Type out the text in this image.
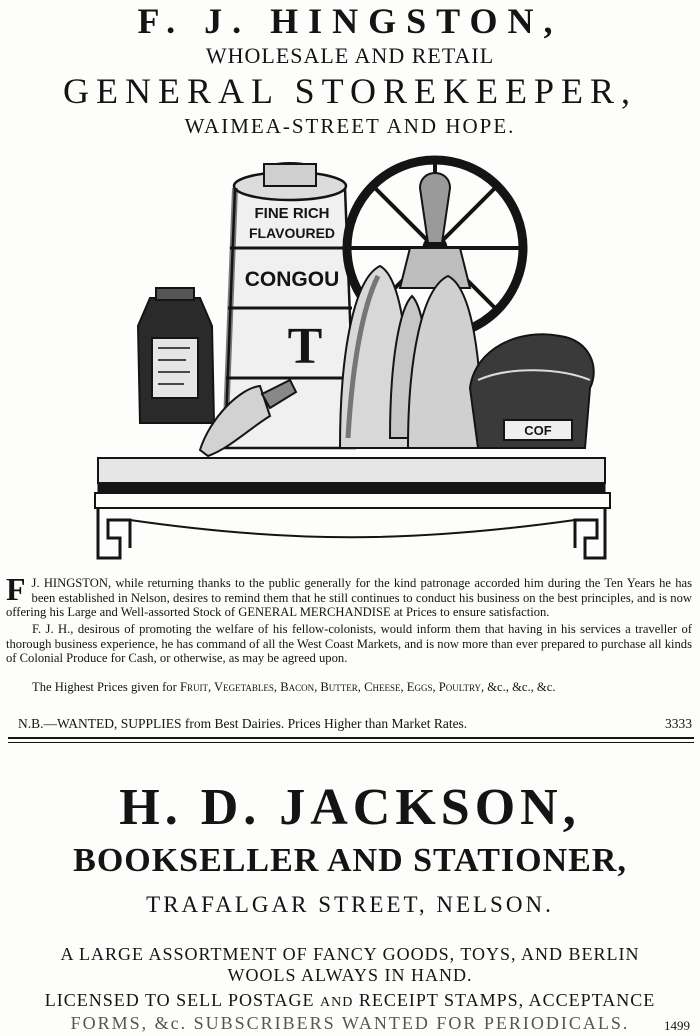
F. J. HINGSTON,
WHOLESALE AND RETAIL
GENERAL STOREKEEPER,
WAIMEA-STREET AND HOPE.
FINE RICH
FLAVOURED
CONGOU
T
COF
F J. HINGSTON, while returning thanks to the public generally for the kind patronage accorded him during the Ten Years he has been established in Nelson, desires to remind them that he still continues to conduct his business on the best principles, and is now offering his Large and Well-assorted Stock of GENERAL MERCHANDISE at Prices to ensure satisfaction.
F. J. H., desirous of promoting the welfare of his fellow-colonists, would inform them that having in his services a traveller of thorough business experience, he has command of all the West Coast Markets, and is now more than ever prepared to purchase all kinds of Colonial Produce for Cash, or otherwise, as may be agreed upon.
The Highest Prices given for Fruit, Vegetables, Bacon, Butter, Cheese, Eggs, Poultry, &c., &c., &c.
N.B.—WANTED, SUPPLIES from Best Dairies. Prices Higher than Market Rates.	3333
H. D. JACKSON,
BOOKSELLER AND STATIONER,
TRAFALGAR STREET, NELSON.
A LARGE ASSORTMENT OF FANCY GOODS, TOYS, AND BERLIN
WOOLS ALWAYS IN HAND.
LICENSED TO SELL POSTAGE AND RECEIPT STAMPS, ACCEPTANCE
FORMS, &c. SUBSCRIBERS WANTED FOR PERIODICALS.	1499
